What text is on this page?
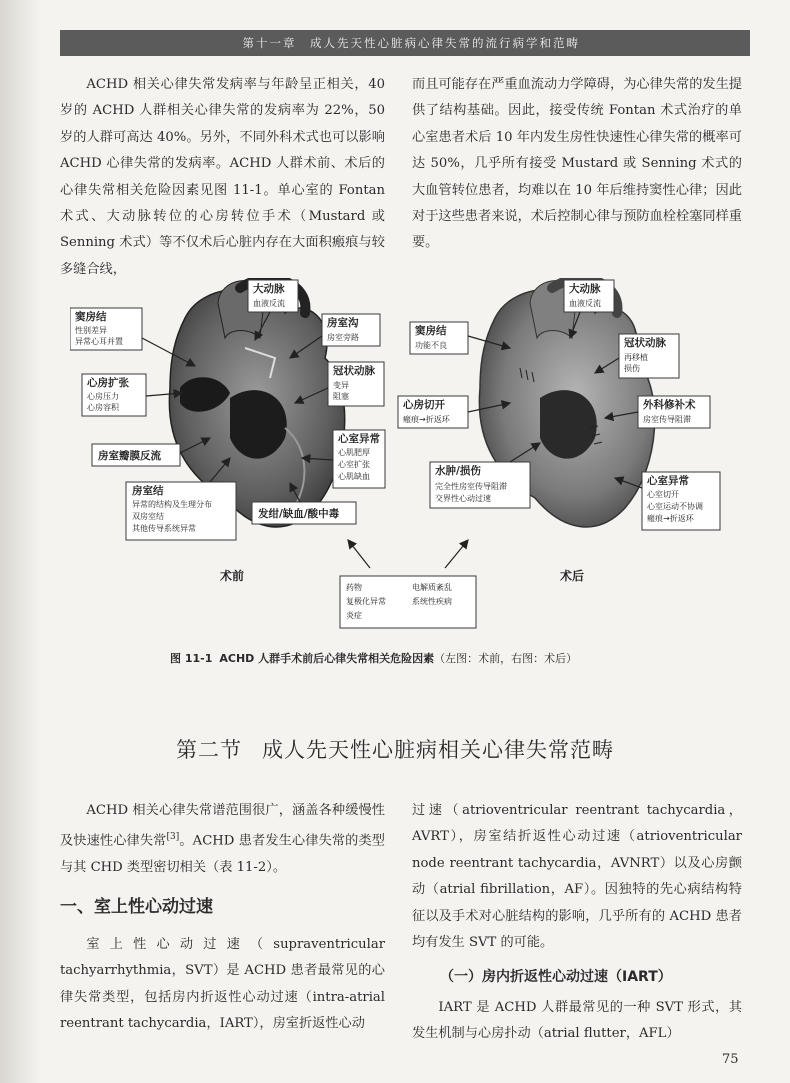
第十一章　成人先天性心脏病心律失常的流行病学和范畴

ACHD 相关心律失常发病率与年龄呈正相关，40 岁的 ACHD 人群相关心律失常的发病率为 22%，50 岁的人群可高达 40%。另外，不同外科术式也可以影响 ACHD 心律失常的发病率。ACHD 人群术前、术后的心律失常相关危险因素见图 11-1。单心室的 Fontan 术式、大动脉转位的心房转位手术（Mustard 或 Senning 术式）等不仅术后心脏内存在大面积瘢痕与较多缝合线，

而且可能存在严重血流动力学障碍，为心律失常的发生提供了结构基础。因此，接受传统 Fontan 术式治疗的单心室患者术后 10 年内发生房性快速性心律失常的概率可达 50%，几乎所有接受 Mustard 或 Senning 术式的大血管转位患者，均难以在 10 年后维持窦性心律；因此对于这些患者来说，术后控制心律与预防血栓栓塞同样重要。

窦房结
性别差异
异常心耳并置
大动脉
血液反流
房室沟
房室旁路
心房扩张
心房压力
心房容积
冠状动脉
变异
阻塞
房室瓣膜反流
心室异常
心肌肥厚
心室扩张
心肌缺血
房室结
异常的结构及生理分布
双房室结
其他传导系统异常
发绀/缺血/酸中毒
窦房结
功能不良
大动脉
血液反流
冠状动脉
再移植
损伤
心房切开
瘢痕→折返环
外科修补术
房室传导阻滞
水肿/损伤
完全性房室传导阻滞
交界性心动过速
心室异常
心室切开
心室运动不协调
瘢痕→折返环
术前	术后
药物	电解质紊乱
复极化异常	系统性疾病
炎症
图 11-1 ACHD 人群手术前后心律失常相关危险因素（左图：术前，右图：术后）
第二节 成人先天性心脏病相关心律失常范畴

ACHD 相关心律失常谱范围很广，涵盖各种缓慢性及快速性心律失常[3]。ACHD 患者发生心律失常的类型与其 CHD 类型密切相关（表 11-2）。

一、室上性心动过速

室上性心动过速（supraventricular tachyarrhythmia，SVT）是 ACHD 患者最常见的心律失常类型，包括房内折返性心动过速（intra-atrial reentrant tachycardia，IART），房室折返性心动

过速（atrioventricular reentrant tachycardia，AVRT），房室结折返性心动过速（atrioventricular node reentrant tachycardia，AVNRT）以及心房颤动（atrial fibrillation，AF）。因独特的先心病结构特征以及手术对心脏结构的影响，几乎所有的 ACHD 患者均有发生 SVT 的可能。

（一）房内折返性心动过速（IART）

IART 是 ACHD 人群最常见的一种 SVT 形式，其发生机制与心房扑动（atrial flutter，AFL）

75
